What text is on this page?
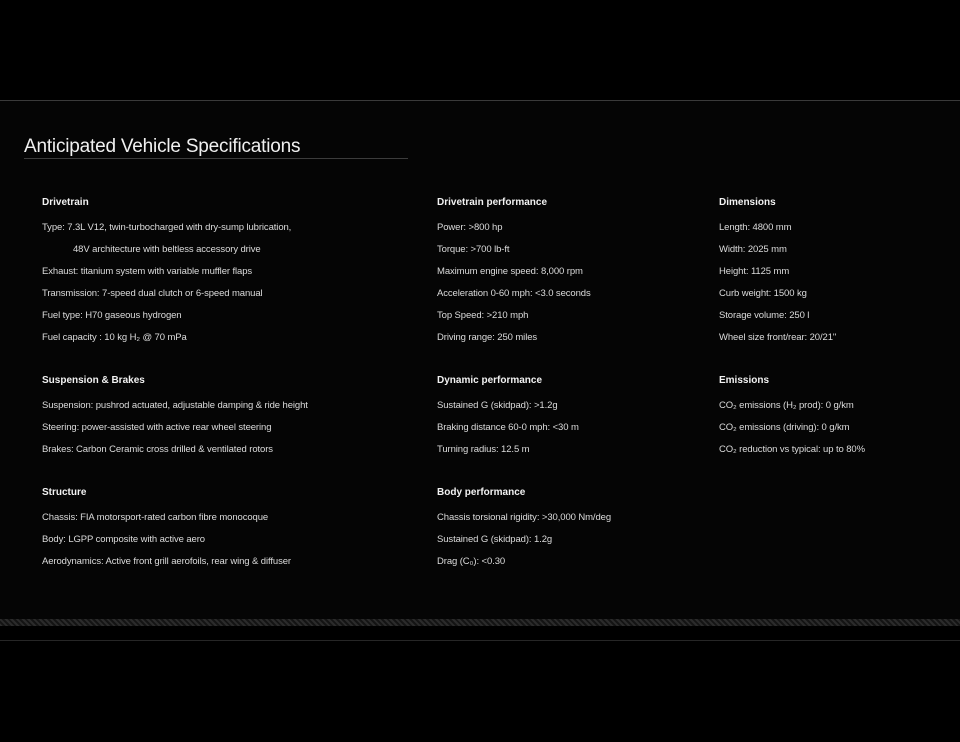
Anticipated Vehicle Specifications
Drivetrain
Type: 7.3L V12, twin-turbocharged with dry-sump lubrication,
48V architecture with beltless accessory drive
Exhaust: titanium system with variable muffler flaps
Transmission: 7-speed dual clutch or 6-speed manual
Fuel type: H70 gaseous hydrogen
Fuel capacity : 10 kg H₂ @ 70 mPa
Suspension & Brakes
Suspension: pushrod actuated, adjustable damping & ride height
Steering: power-assisted with active rear wheel steering
Brakes: Carbon Ceramic cross drilled & ventilated rotors
Structure
Chassis: FIA motorsport-rated carbon fibre monocoque
Body: LGPP composite with active aero
Aerodynamics: Active front grill aerofoils, rear wing & diffuser
Drivetrain performance
Power: >800 hp
Torque: >700 lb-ft
Maximum engine speed: 8,000 rpm
Acceleration 0-60 mph: <3.0 seconds
Top Speed: >210 mph
Driving range: 250 miles
Dynamic performance
Sustained G (skidpad): >1.2g
Braking distance 60-0 mph: <30 m
Turning radius: 12.5 m
Body performance
Chassis torsional rigidity: >30,000 Nm/deg
Sustained G (skidpad): 1.2g
Drag (C₀): <0.30
Dimensions
Length: 4800 mm
Width: 2025 mm
Height: 1125 mm
Curb weight: 1500 kg
Storage volume: 250 l
Wheel size front/rear: 20/21"
Emissions
CO₂ emissions (H₂ prod): 0 g/km
CO₂ emissions (driving): 0 g/km
CO₂ reduction vs typical: up to 80%
